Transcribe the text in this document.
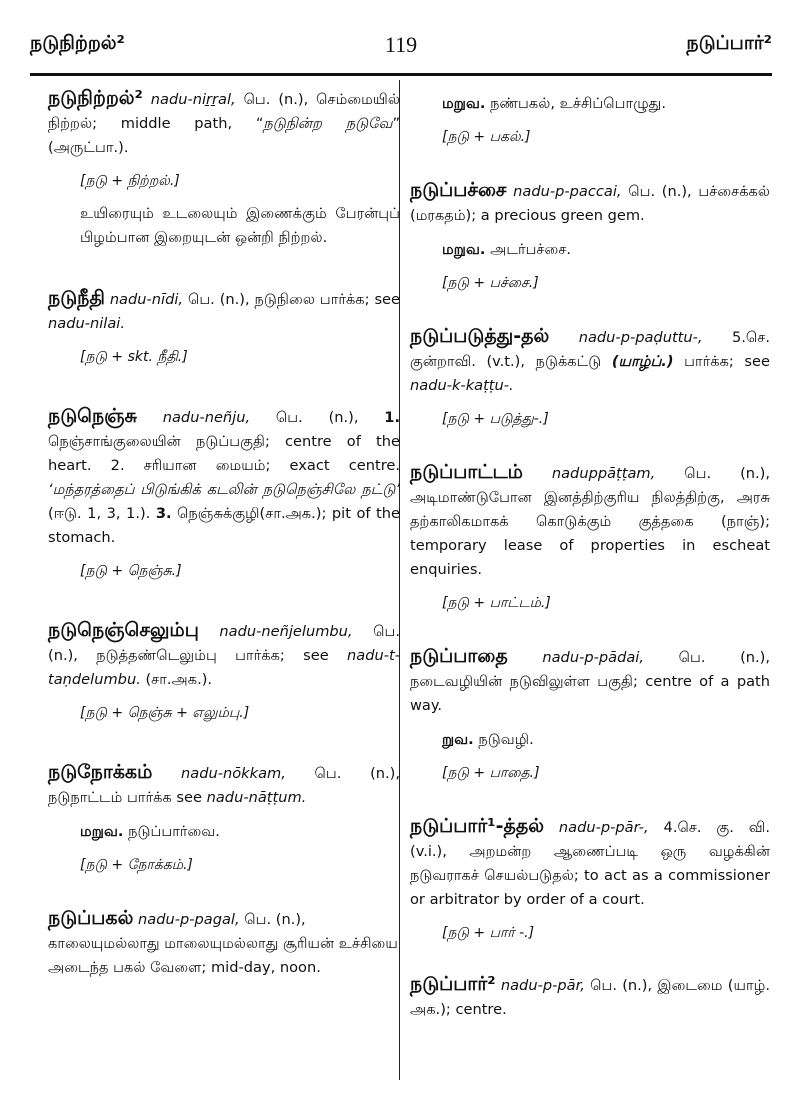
நடுநிற்றல்²	119	நடுப்பார்²
நடுநிற்றல்² nadu-niṟṟal, பெ. (n.), செம்மையில் நிற்றல்; middle path, “நடுநின்ற நடுவே” (அருட்பா.).
[நடு + நிற்றல்.]
உயிரையும் உடலையும் இணைக்கும் பேரன்புப் பிழம்பான இறையுடன் ஒன்றி நிற்றல்.
நடுநீதி nadu-nīdi, பெ. (n.), நடுநிலை பார்க்க; see nadu-nilai.
[நடு + skt. நீதி.]
நடுநெஞ்சு nadu-neñju, பெ. (n.), 1. நெஞ்சாங்குலையின் நடுப்பகுதி; centre of the heart. 2. சரியான மையம்; exact centre. ‘மந்தரத்தைப் பிடுங்கிக் கடலின் நடுநெஞ்சிலே நட்டு’ (ஈடு. 1, 3, 1.). 3. நெஞ்சுக்குழி(சா.அக.); pit of the stomach.
[நடு + நெஞ்சு.]
நடுநெஞ்செலும்பு nadu-neñjelumbu, பெ. (n.), நடுத்தண்டெலும்பு பார்க்க; see nadu-t-taṇdelumbu. (சா.அக.).
[நடு + நெஞ்சு + எலும்பு.]
நடுநோக்கம் nadu-nōkkam, பெ. (n.), நடுநாட்டம் பார்க்க see nadu-nāṭṭum.
மறுவ. நடுப்பார்வை.
[நடு + நோக்கம்.]
நடுப்பகல் nadu-p-pagal, பெ. (n.), காலையுமல்லாது மாலையுமல்லாது சூரியன் உச்சியை அடைந்த பகல் வேளை; mid-day, noon.
மறுவ. நண்பகல், உச்சிப்பொழுது.
[நடு + பகல்.]
நடுப்பச்சை nadu-p-paccai, பெ. (n.), பச்சைக்கல் (மரகதம்); a precious green gem.
மறுவ. அடர்பச்சை.
[நடு + பச்சை.]
நடுப்படுத்து-தல் nadu-p-paḍuttu-, 5.செ. குன்றாவி. (v.t.), நடுக்கட்டு (யாழ்ப்.) பார்க்க; see nadu-k-kaṭṭu-.
[நடு + படுத்து-.]
நடுப்பாட்டம் naduppāṭṭam, பெ. (n.), அடிமாண்டுபோன இனத்திற்குரிய நிலத்திற்கு, அரசு தற்காலிகமாகக் கொடுக்கும் குத்தகை (நாஞ்); temporary lease of properties in escheat enquiries.
[நடு + பாட்டம்.]
நடுப்பாதை nadu-p-pādai, பெ. (n.), நடைவழியின் நடுவிலுள்ள பகுதி; centre of a path way.
றுவ. நடுவழி.
[நடு + பாதை.]
நடுப்பார்¹-த்தல் nadu-p-pār-, 4.செ. கு. வி. (v.i.), அறமன்ற ஆணைப்படி ஒரு வழக்கின் நடுவராகச் செயல்படுதல்; to act as a commissioner or arbitrator by order of a court.
[நடு + பார் -.]
நடுப்பார்² nadu-p-pār, பெ. (n.), இடைமை (யாழ். அக.); centre.
